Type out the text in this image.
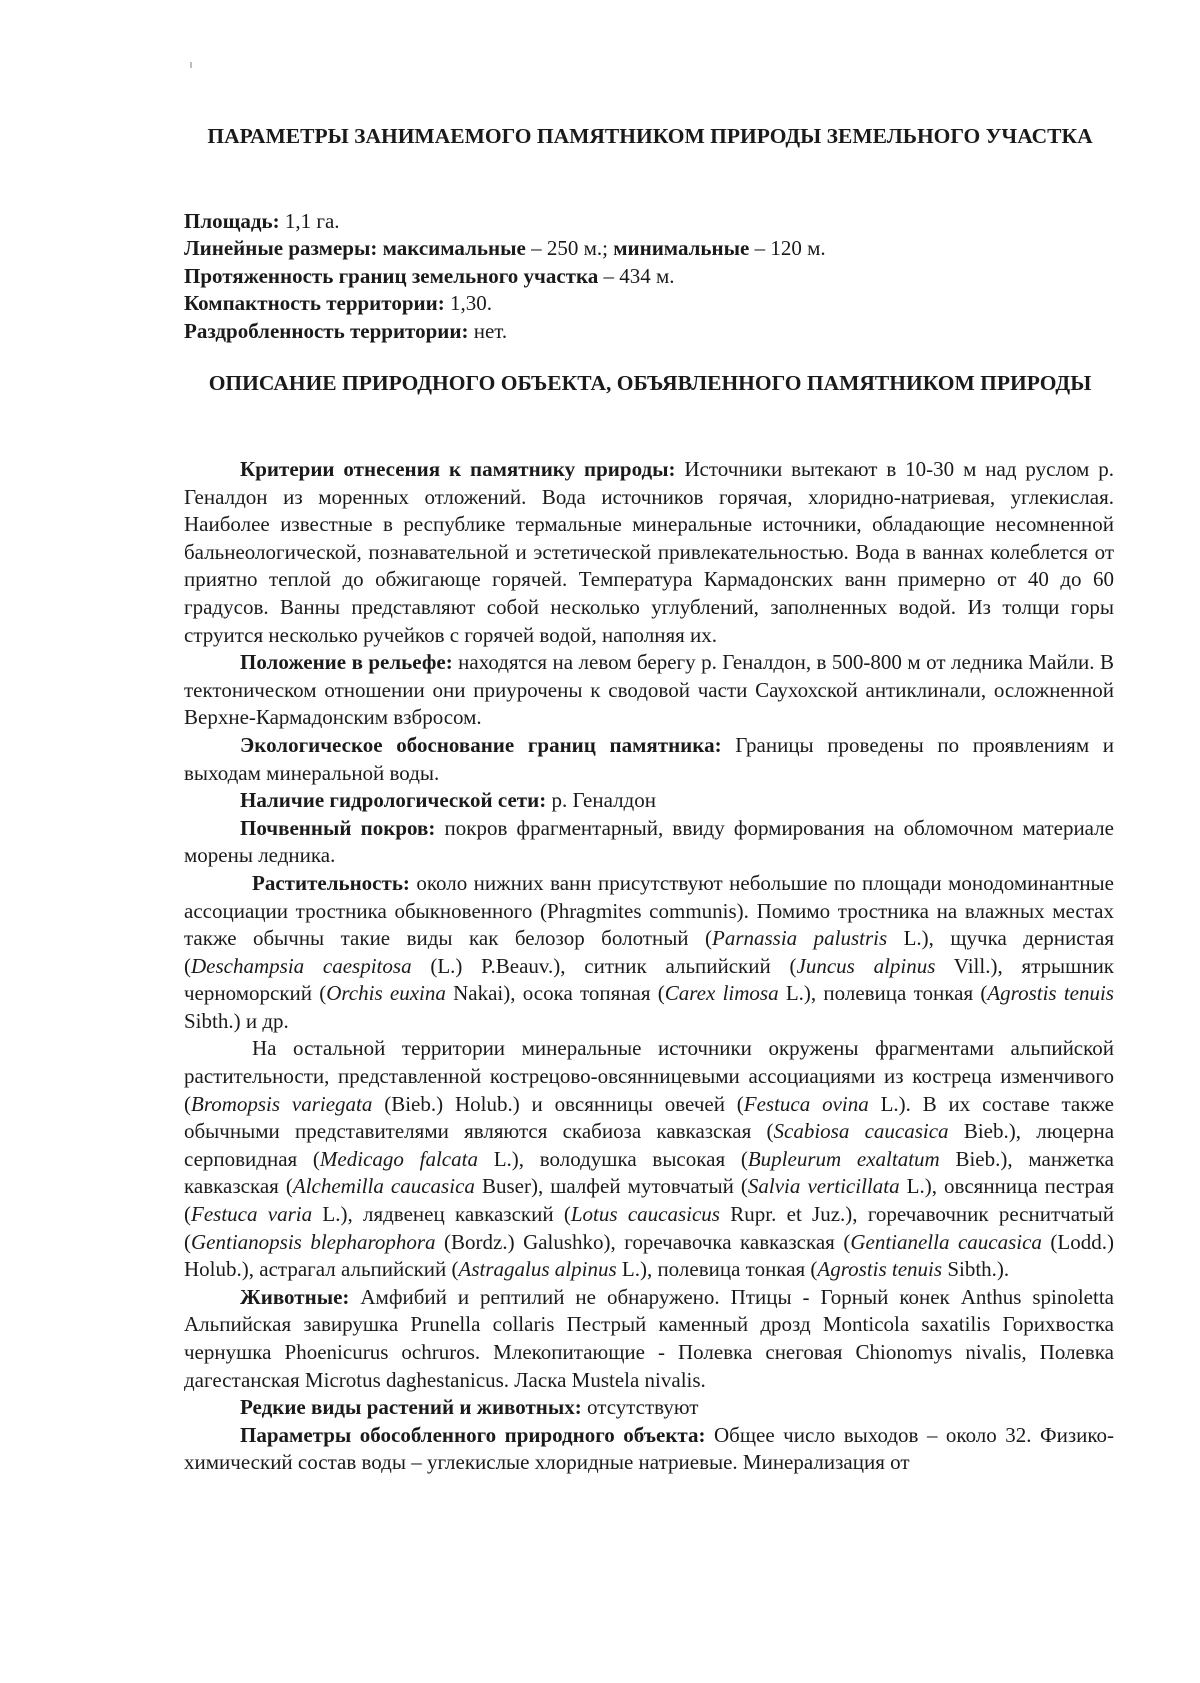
ПАРАМЕТРЫ ЗАНИМАЕМОГО ПАМЯТНИКОМ ПРИРОДЫ ЗЕМЕЛЬНОГО УЧАСТКА
Площадь: 1,1 га.
Линейные размеры: максимальные – 250 м.; минимальные – 120 м.
Протяженность границ земельного участка – 434 м.
Компактность территории: 1,30.
Раздробленность территории: нет.
ОПИСАНИЕ ПРИРОДНОГО ОБЪЕКТА, ОБЪЯВЛЕННОГО ПАМЯТНИКОМ ПРИРОДЫ

Критерии отнесения к памятнику природы: Источники вытекают в 10-30 м над руслом р. Геналдон из моренных отложений. Вода источников горячая, хлоридно-натриевая, углекислая. Наиболее известные в республике термальные минеральные источники, обладающие несомненной бальнеологической, познавательной и эстетической привлекательностью. Вода в ваннах колеблется от приятно теплой до обжигающе горячей. Температура Кармадонских ванн примерно от 40 до 60 градусов. Ванны представляют собой несколько углублений, заполненных водой. Из толщи горы струится несколько ручейков с горячей водой, наполняя их.

Положение в рельефе: находятся на левом берегу р. Геналдон, в 500-800 м от ледника Майли. В тектоническом отношении они приурочены к сводовой части Саухохской антиклинали, осложненной Верхне-Кармадонским взбросом.

Экологическое обоснование границ памятника: Границы проведены по проявлениям и выходам минеральной воды.

Наличие гидрологической сети: р. Геналдон

Почвенный покров: покров фрагментарный, ввиду формирования на обломочном материале морены ледника.

Растительность: около нижних ванн присутствуют небольшие по площади монодоминантные ассоциации тростника обыкновенного (Phragmites communis). Помимо тростника на влажных местах также обычны такие виды как белозор болотный (Parnassia palustris L.), щучка дернистая (Deschampsia caespitosa (L.) P.Beauv.), ситник альпийский (Juncus alpinus Vill.), ятрышник черноморский (Orchis euxina Nakai), осока топяная (Carex limosa L.), полевица тонкая (Agrostis tenuis Sibth.) и др.

На остальной территории минеральные источники окружены фрагментами альпийской растительности, представленной кострецово-овсянницевыми ассоциациями из костреца изменчивого (Bromopsis variegata (Bieb.) Holub.) и овсянницы овечей (Festuca ovina L.). В их составе также обычными представителями являются скабиоза кавказская (Scabiosa caucasica Bieb.), люцерна серповидная (Medicago falcata L.), володушка высокая (Bupleurum exaltatum Bieb.), манжетка кавказская (Alchemilla caucasica Buser), шалфей мутовчатый (Salvia verticillata L.), овсянница пестрая (Festuca varia L.), лядвенец кавказский (Lotus caucasicus Rupr. et Juz.), горечавочник реснитчатый (Gentianopsis blepharophora (Bordz.) Galushko), горечавочка кавказская (Gentianella caucasica (Lodd.) Holub.), астрагал альпийский (Astragalus alpinus L.), полевица тонкая (Agrostis tenuis Sibth.).

Животные: Амфибий и рептилий не обнаружено. Птицы - Горный конек Anthus spinoletta Альпийская завирушка Prunella collaris Пестрый каменный дрозд Monticola saxatilis Горихвостка чернушка Phoenicurus ochruros. Млекопитающие - Полевка снеговая Chionomys nivalis, Полевка дагестанская Microtus daghestanicus. Ласка Mustela nivalis.

Редкие виды растений и животных: отсутствуют

Параметры обособленного природного объекта: Общее число выходов – около 32. Физико-химический состав воды – углекислые хлоридные натриевые. Минерализация от
